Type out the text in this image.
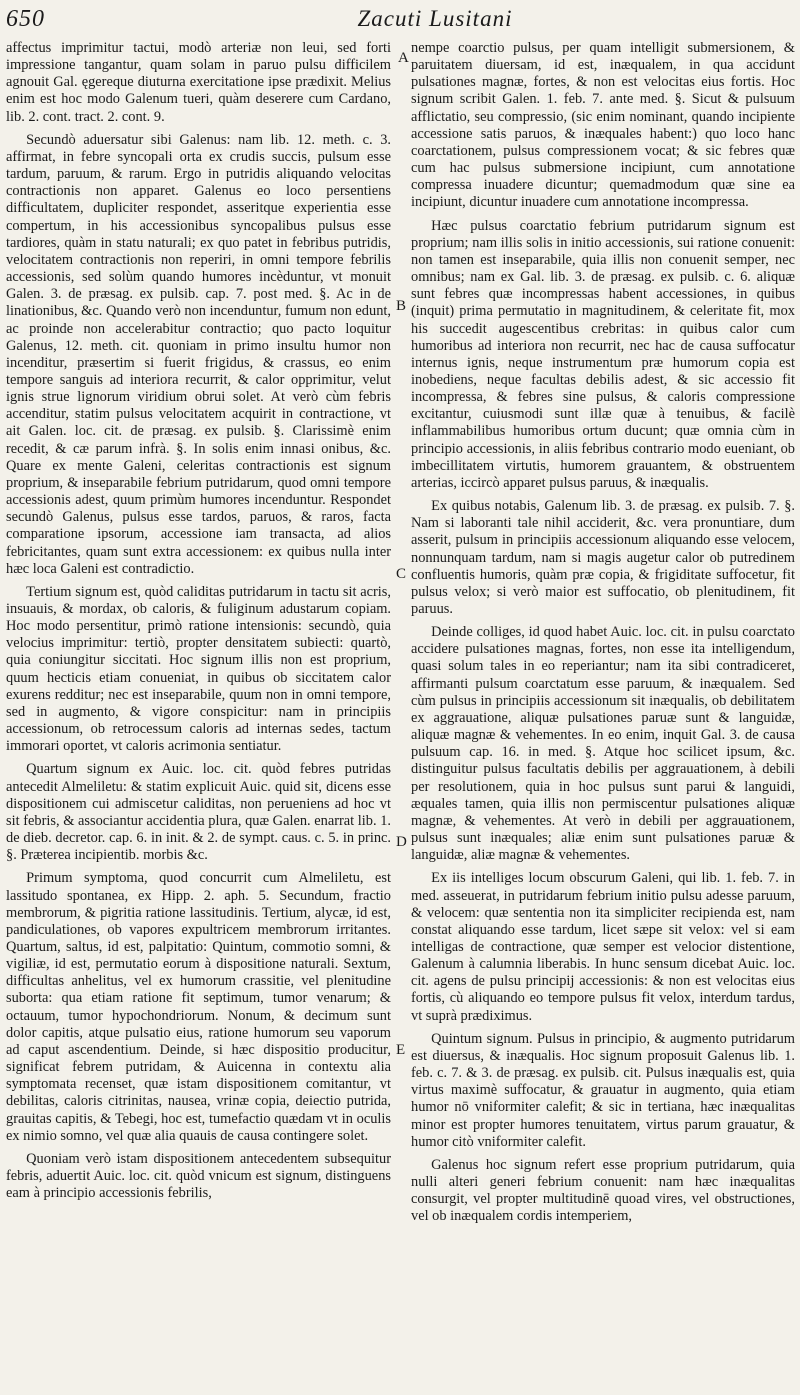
650	Zacuti Lusitani

affectus imprimitur tactui, modò arteriæ non leui, sed forti impressione tangantur, quam solam in paruo pulsu difficilem agnouit Gal. ęgereque diuturna exercitatione ipse prædixit. Melius enim est hoc modo Galenum tueri, quàm deserere cum Cardano, lib. 2. cont. tract. 2. cont. 9.

Secundò aduersatur sibi Galenus: nam lib. 12. meth. c. 3. affirmat, in febre syncopali orta ex crudis succis, pulsum esse tardum, paruum, & rarum. Ergo in putridis aliquando velocitas contractionis non apparet. Galenus eo loco persentiens difficultatem, dupliciter respondet, asseritque experientia esse compertum, in his accessionibus syncopalibus pulsus esse tardiores, quàm in statu naturali; ex quo patet in febribus putridis, velocitatem contractionis non reperiri, in omni tempore febrilis accessionis, sed solùm quando humores incèduntur, vt monuit Galen. 3. de præsag. ex pulsib. cap. 7. post med. §. Ac in de linationibus, &c. Quando verò non incenduntur, fumum non edunt, ac proinde non accelerabitur contractio; quo pacto loquitur Galenus, 12. meth. cit. quoniam in primo insultu humor non incenditur, præsertim si fuerit frigidus, & crassus, eo enim tempore sanguis ad interiora recurrit, & calor opprimitur, velut ignis strue lignorum viridium obrui solet. At verò cùm febris accenditur, statim pulsus velocitatem acquirit in contractione, vt ait Galen. loc. cit. de præsag. ex pulsib. §. Clarissimè enim recedit, & cæ parum infrà. §. In solis enim innasi onibus, &c. Quare ex mente Galeni, celeritas contractionis est signum proprium, & inseparabile febrium putridarum, quod omni tempore accessionis adest, quum primùm humores incenduntur. Respondet secundò Galenus, pulsus esse tardos, paruos, & raros, facta comparatione ipsorum, accessione iam transacta, ad alios febricitantes, quam sunt extra accessionem: ex quibus nulla inter hæc loca Galeni est contradictio.

Tertium signum est, quòd caliditas putridarum in tactu sit acris, insuauis, & mordax, ob caloris, & fuliginum adustarum copiam. Hoc modo persentitur, primò ratione intensionis: secundò, quia velocius imprimitur: tertiò, propter densitatem subiecti: quartò, quia coniungitur siccitati. Hoc signum illis non est proprium, quum hecticis etiam conueniat, in quibus ob siccitatem calor exurens redditur; nec est inseparabile, quum non in omni tempore, sed in augmento, & vigore conspicitur: nam in principiis accessionum, ob retrocessum caloris ad internas sedes, tactum immorari oportet, vt caloris acrimonia sentiatur.

Quartum signum ex Auic. loc. cit. quòd febres putridas antecedit Almeliletu: & statim explicuit Auic. quid sit, dicens esse dispositionem cui admiscetur caliditas, non perueniens ad hoc vt sit febris, & associantur accidentia plura, quæ Galen. enarrat lib. 1. de dieb. decretor. cap. 6. in init. & 2. de sympt. caus. c. 5. in princ. §. Præterea incipientib. morbis &c.

Primum symptoma, quod concurrit cum Almeliletu, est lassitudo spontanea, ex Hipp. 2. aph. 5. Secundum, fractio membrorum, & pigritia ratione lassitudinis. Tertium, alycæ, id est, pandiculationes, ob vapores expultricem membrorum irritantes. Quartum, saltus, id est, palpitatio: Quintum, commotio somni, & vigiliæ, id est, permutatio eorum à dispositione naturali. Sextum, difficultas anhelitus, vel ex humorum crassitie, vel plenitudine suborta: qua etiam ratione fit septimum, tumor venarum; & octauum, tumor hypochondriorum. Nonum, & decimum sunt dolor capitis, atque pulsatio eius, ratione humorum seu vaporum ad caput ascendentium. Deinde, si hæc dispositio producitur, significat febrem putridam, & Auicenna in contextu alia symptomata recenset, quæ istam dispositionem comitantur, vt debilitas, caloris citrinitas, nausea, vrinæ copia, deiectio putrida, grauitas capitis, & Tebegi, hoc est, tumefactio quædam vt in oculis ex nimio somno, vel quæ alia quauis de causa contingere solet.

Quoniam verò istam dispositionem antecedentem subsequitur febris, aduertit Auic. loc. cit. quòd vnicum est signum, distinguens eam à principio accessionis febrilis,

A
B
C
D
E

nempe coarctio pulsus, per quam intelligit submersionem, & paruitatem diuersam, id est, inæqualem, in qua accidunt pulsationes magnæ, fortes, & non est velocitas eius fortis. Hoc signum scribit Galen. 1. feb. 7. ante med. §. Sicut & pulsuum afflictatio, seu compressio, (sic enim nominant, quando incipiente accessione satis paruos, & inæquales habent:) quo loco hanc coarctationem, pulsus compressionem vocat; & sic febres quæ cum hac pulsus submersione incipiunt, cum annotatione compressa inuadere dicuntur; quemadmodum quæ sine ea incipiunt, dicuntur inuadere cum annotatione incompressa.

Hæc pulsus coarctatio febrium putridarum signum est proprium; nam illis solis in initio accessionis, sui ratione conuenit: non tamen est inseparabile, quia illis non conuenit semper, nec omnibus; nam ex Gal. lib. 3. de præsag. ex pulsib. c. 6. aliquæ sunt febres quæ incompressas habent accessiones, in quibus (inquit) prima permutatio in magnitudinem, & celeritate fit, mox his succedit augescentibus crebritas: in quibus calor cum humoribus ad interiora non recurrit, nec hac de causa suffocatur internus ignis, neque instrumentum præ humorum copia est inobediens, neque facultas debilis adest, & sic accessio fit incompressa, & febres sine pulsus, & caloris compressione excitantur, cuiusmodi sunt illæ quæ à tenuibus, & facilè inflammabilibus humoribus ortum ducunt; quæ omnia cùm in principio accessionis, in aliis febribus contrario modo eueniant, ob imbecillitatem virtutis, humorem grauantem, & obstruentem arterias, iccircò apparet pulsus paruus, & inæqualis.

Ex quibus notabis, Galenum lib. 3. de præsag. ex pulsib. 7. §. Nam si laboranti tale nihil acciderit, &c. vera pronuntiare, dum asserit, pulsum in principiis accessionum aliquando esse velocem, nonnunquam tardum, nam si magis augetur calor ob putredinem confluentis humoris, quàm præ copia, & frigiditate suffocetur, fit pulsus velox; si verò maior est suffocatio, ob plenitudinem, fit paruus.

Deinde colliges, id quod habet Auic. loc. cit. in pulsu coarctato accidere pulsationes magnas, fortes, non esse ita intelligendum, quasi solum tales in eo reperiantur; nam ita sibi contradiceret, affirmanti pulsum coarctatum esse paruum, & inæqualem. Sed cùm pulsus in principiis accessionum sit inæqualis, ob debilitatem ex aggrauatione, aliquæ pulsationes paruæ sunt & languidæ, aliquæ magnæ & vehementes. In eo enim, inquit Gal. 3. de causa pulsuum cap. 16. in med. §. Atque hoc scilicet ipsum, &c. distinguitur pulsus facultatis debilis per aggrauationem, à debili per resolutionem, quia in hoc pulsus sunt parui & languidi, æquales tamen, quia illis non permiscentur pulsationes aliquæ magnæ, & vehementes. At verò in debili per aggrauationem, pulsus sunt inæquales; aliæ enim sunt pulsationes paruæ & languidæ, aliæ magnæ & vehementes.

Ex iis intelliges locum obscurum Galeni, qui lib. 1. feb. 7. in med. asseuerat, in putridarum febrium initio pulsu adesse paruum, & velocem: quæ sententia non ita simpliciter recipienda est, nam constat aliquando esse tardum, licet sæpe sit velox: vel si eam intelligas de contractione, quæ semper est velocior distentione, Galenum à calumnia liberabis. In hunc sensum dicebat Auic. loc. cit. agens de pulsu principij accessionis: & non est velocitas eius fortis, cù aliquando eo tempore pulsus fit velox, interdum tardus, vt suprà prædiximus.

Quintum signum. Pulsus in principio, & augmento putridarum est diuersus, & inæqualis. Hoc signum proposuit Galenus lib. 1. feb. c. 7. & 3. de præsag. ex pulsib. cit. Pulsus inæqualis est, quia virtus maximè suffocatur, & grauatur in augmento, quia etiam humor nō vniformiter calefit; & sic in tertiana, hæc inæqualitas minor est propter humores tenuitatem, virtus parum grauatur, & humor citò vniformiter calefit.

Galenus hoc signum refert esse proprium putridarum, quia nulli alteri generi febrium conuenit: nam hæc inæqualitas consurgit, vel propter multitudinē quoad vires, vel obstructiones, vel ob inæqualem cordis intemperiem,
